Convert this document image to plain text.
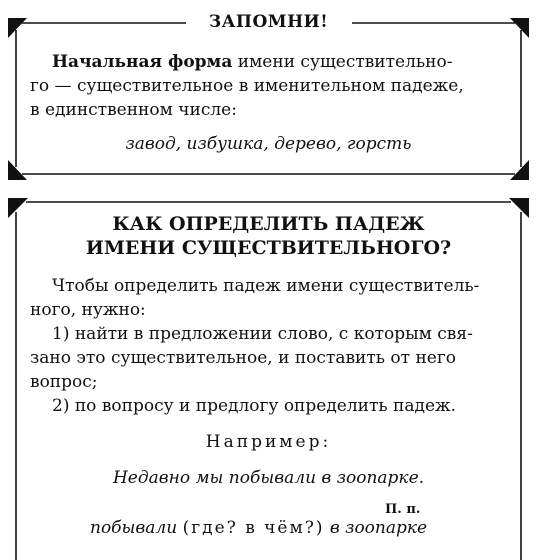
ЗАПОМНИ!
Начальная форма имени существительно-
го — существительное в именительном падеже,
в единственном числе:
завод, избушка, дерево, горсть
КАК ОПРЕДЕЛИТЬ ПАДЕЖ
ИМЕНИ СУЩЕСТВИТЕЛЬНОГО?
Чтобы определить падеж имени существитель-
ного, нужно:
1) найти в предложении слово, с которым свя-
зано это существительное, и поставить от него
вопрос;
2) по вопросу и предлогу определить падеж.
Например:
Недавно мы побывали в зоопарке.
П. п.
побывали (где? в чём?) в зоопарке
